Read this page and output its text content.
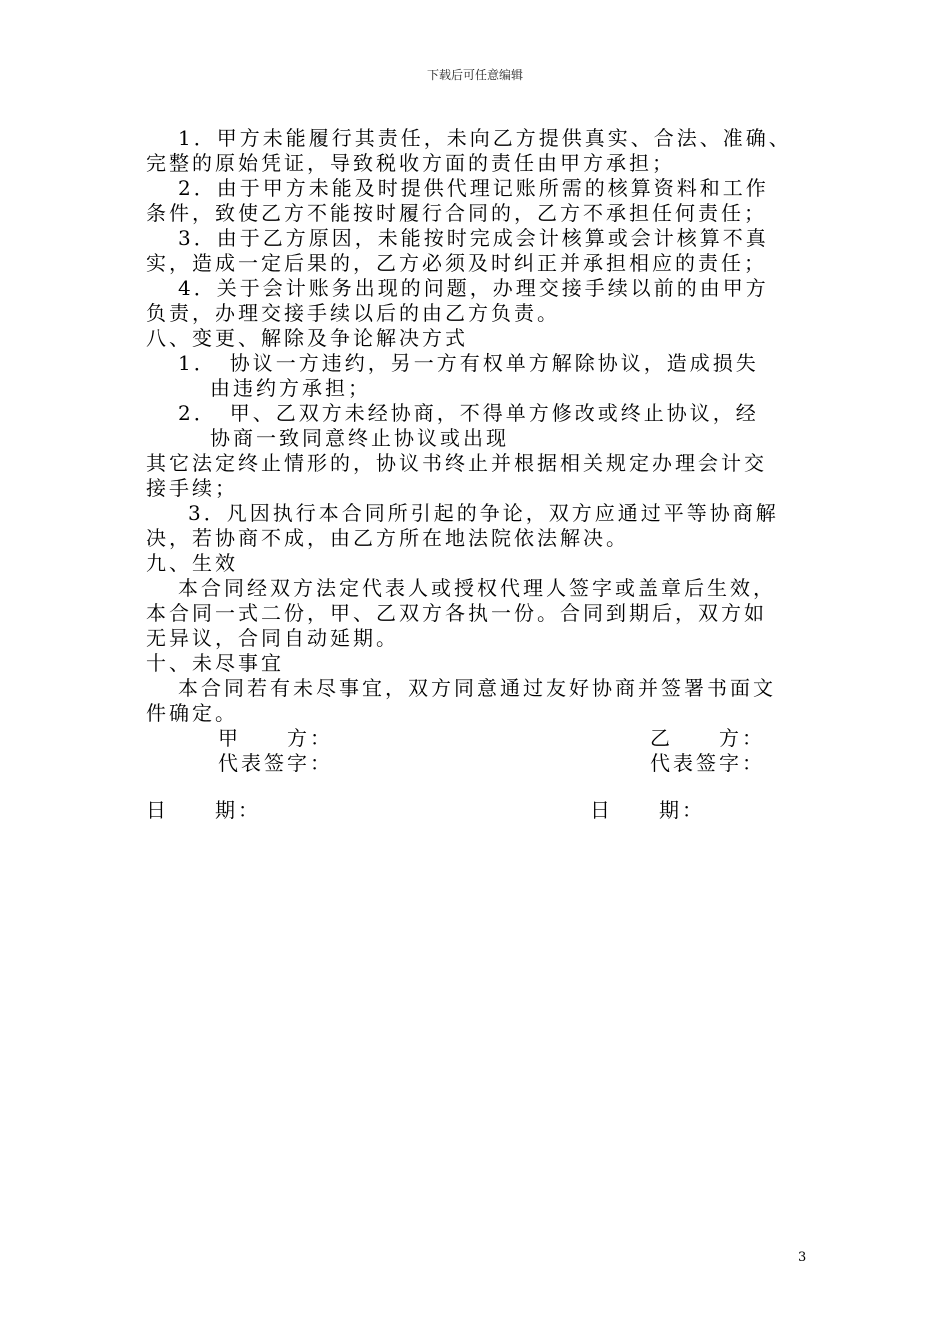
下载后可任意编辑
1．甲方未能履行其责任，未向乙方提供真实、合法、准确、
完整的原始凭证，导致税收方面的责任由甲方承担；
2．由于甲方未能及时提供代理记账所需的核算资料和工作
条件，致使乙方不能按时履行合同的，乙方不承担任何责任；
3．由于乙方原因，未能按时完成会计核算或会计核算不真
实，造成一定后果的，乙方必须及时纠正并承担相应的责任；
4．关于会计账务出现的问题，办理交接手续以前的由甲方
负责，办理交接手续以后的由乙方负责。
八、变更、解除及争论解决方式
1．　协议一方违约，另一方有权单方解除协议，造成损失
由违约方承担；
2．　甲、乙双方未经协商，不得单方修改或终止协议，经
协商一致同意终止协议或出现
其它法定终止情形的，协议书终止并根据相关规定办理会计交
接手续；
3．凡因执行本合同所引起的争论，双方应通过平等协商解
决，若协商不成，由乙方所在地法院依法解决。
九、生效
本合同经双方法定代表人或授权代理人签字或盖章后生效，
本合同一式二份，甲、乙双方各执一份。合同到期后，双方如
无异议，合同自动延期。
十、未尽事宜
本合同若有未尽事宜，双方同意通过友好协商并签署书面文
件确定。
甲　　方：	乙　　方：
代表签字：	代表签字：
日　　期：	日　　期：
3
